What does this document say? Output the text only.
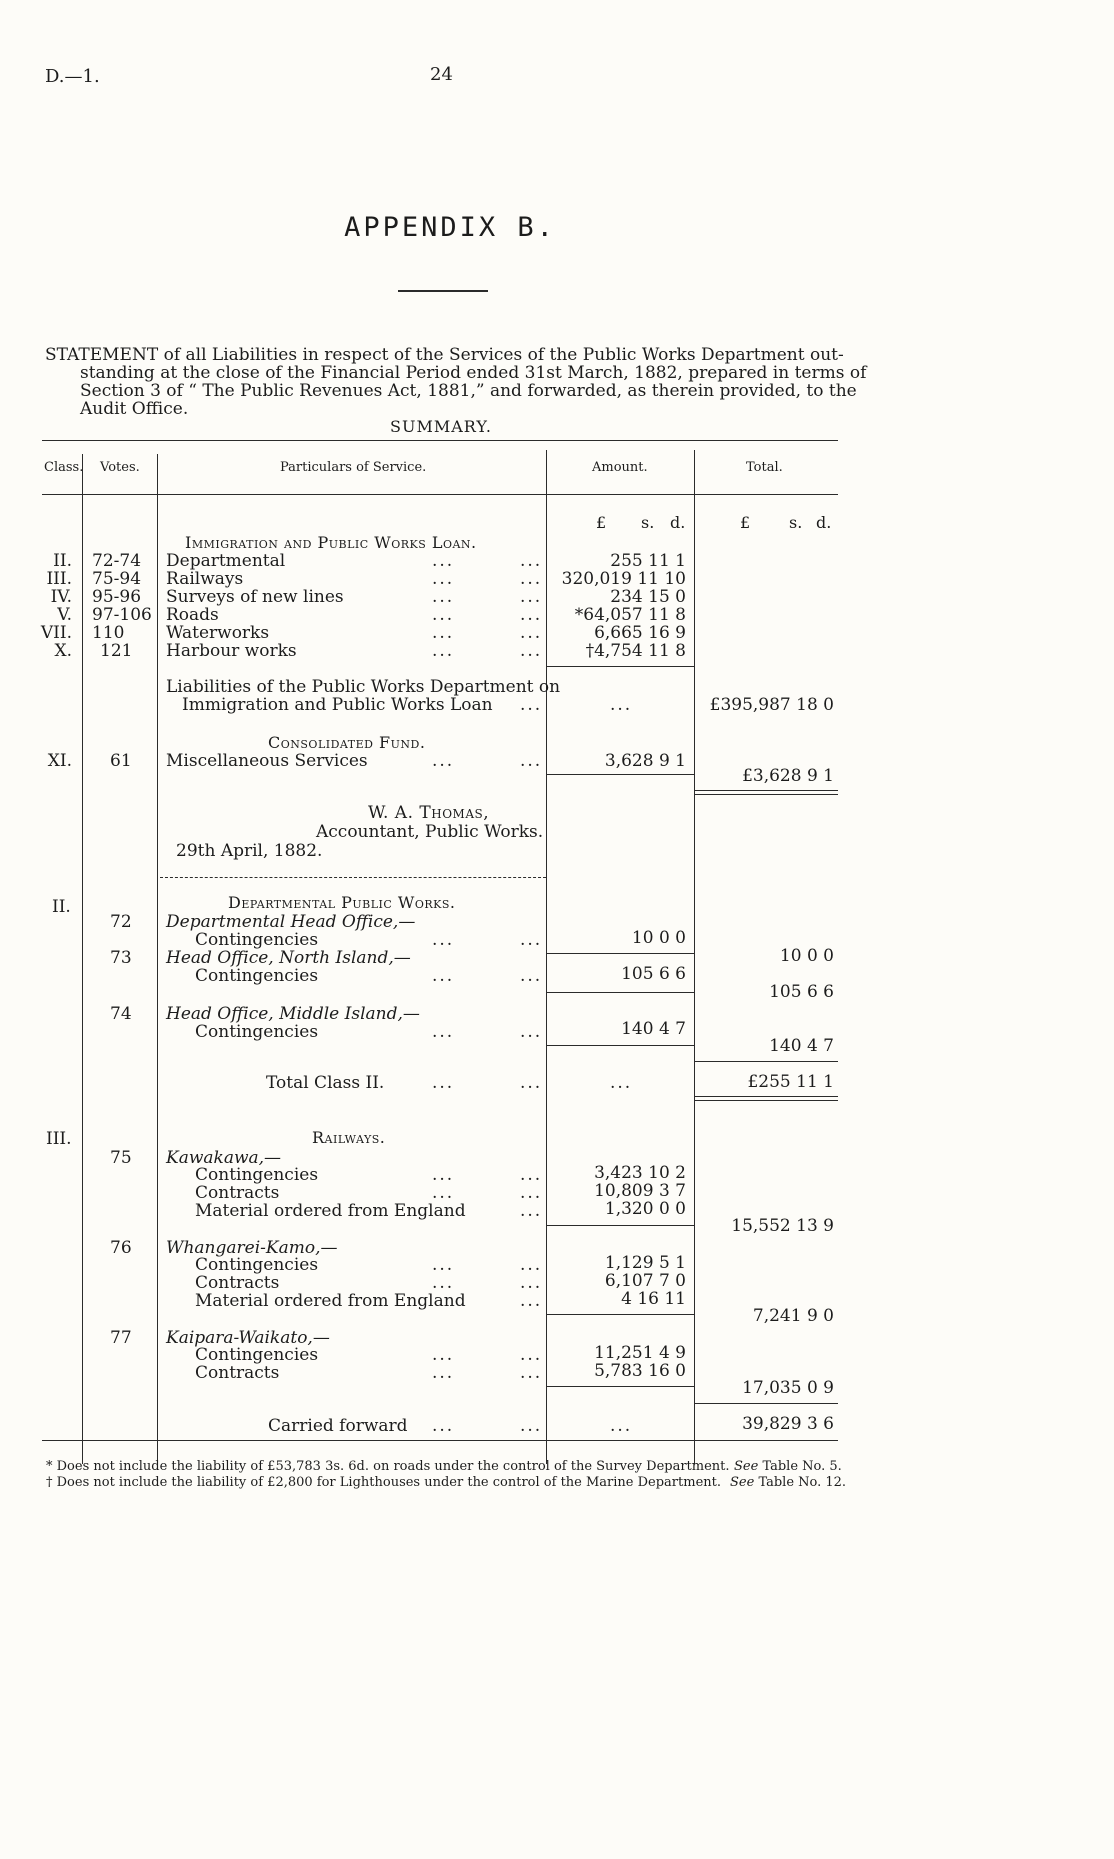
D.—1.	24
APPENDIX B.
STATEMENT of all Liabilities in respect of the Services of the Public Works Department out-
standing at the close of the Financial Period ended 31st March, 1882, prepared in terms of
Section 3 of “ The Public Revenues Act, 1881,” and forwarded, as therein provided, to the
Audit Office.
SUMMARY.
Class. Votes.	Particulars of Service.	Amount.	Total.
£ s. d.	£ s. d.
Immigration and Public Works Loan.
II. 72-74 Departmental	...	...	255 11 1
III. 75-94 Railways	...	... 320,019 11 10
IV. 95-96 Surveys of new lines	...	...	234 15 0
V. 97-106 Roads	...	...	*64,057 11 8
VII. 110 Waterworks	...	...	6,665 16 9
X. 121 Harbour works	...	...	†4,754 11 8
Liabilities of the Public Works Department on
Immigration and Public Works Loan ...	...	£395,987 18 0
Consolidated Fund.
XI. 61 Miscellaneous Services	...	...	3,628 9 1
£3,628 9 1
W. A. Thomas,
Accountant, Public Works.
29th April, 1882.
II.	Departmental Public Works.
72 Departmental Head Office,—
Contingencies	...	...	10 0 0
10 0 0
73 Head Office, North Island,—
Contingencies	...	...	105 6 6
105 6 6
74 Head Office, Middle Island,—
Contingencies	...	...	140 4 7
140 4 7
Total Class II.	...	...	...	£255 11 1
III.	Railways.
75 Kawakawa,—
Contingencies	...	...	3,423 10 2
Contracts	...	...	10,809 3 7
Material ordered from England	...	1,320 0 0
15,552 13 9
76 Whangarei-Kamo,—
Contingencies	...	...	1,129 5 1
Contracts	...	...	6,107 7 0
Material ordered from England	...	4 16 11
7,241 9 0
77 Kaipara-Waikato,—
Contingencies	...	...	11,251 4 9
Contracts	...	...	5,783 16 0
17,035 0 9
Carried forward ...	...	...	39,829 3 6
* Does not include the liability of £53,783 3s. 6d. on roads under the control of the Survey Department. See Table No. 5.
† Does not include the liability of £2,800 for Lighthouses under the control of the Marine Department. See Table No. 12.
